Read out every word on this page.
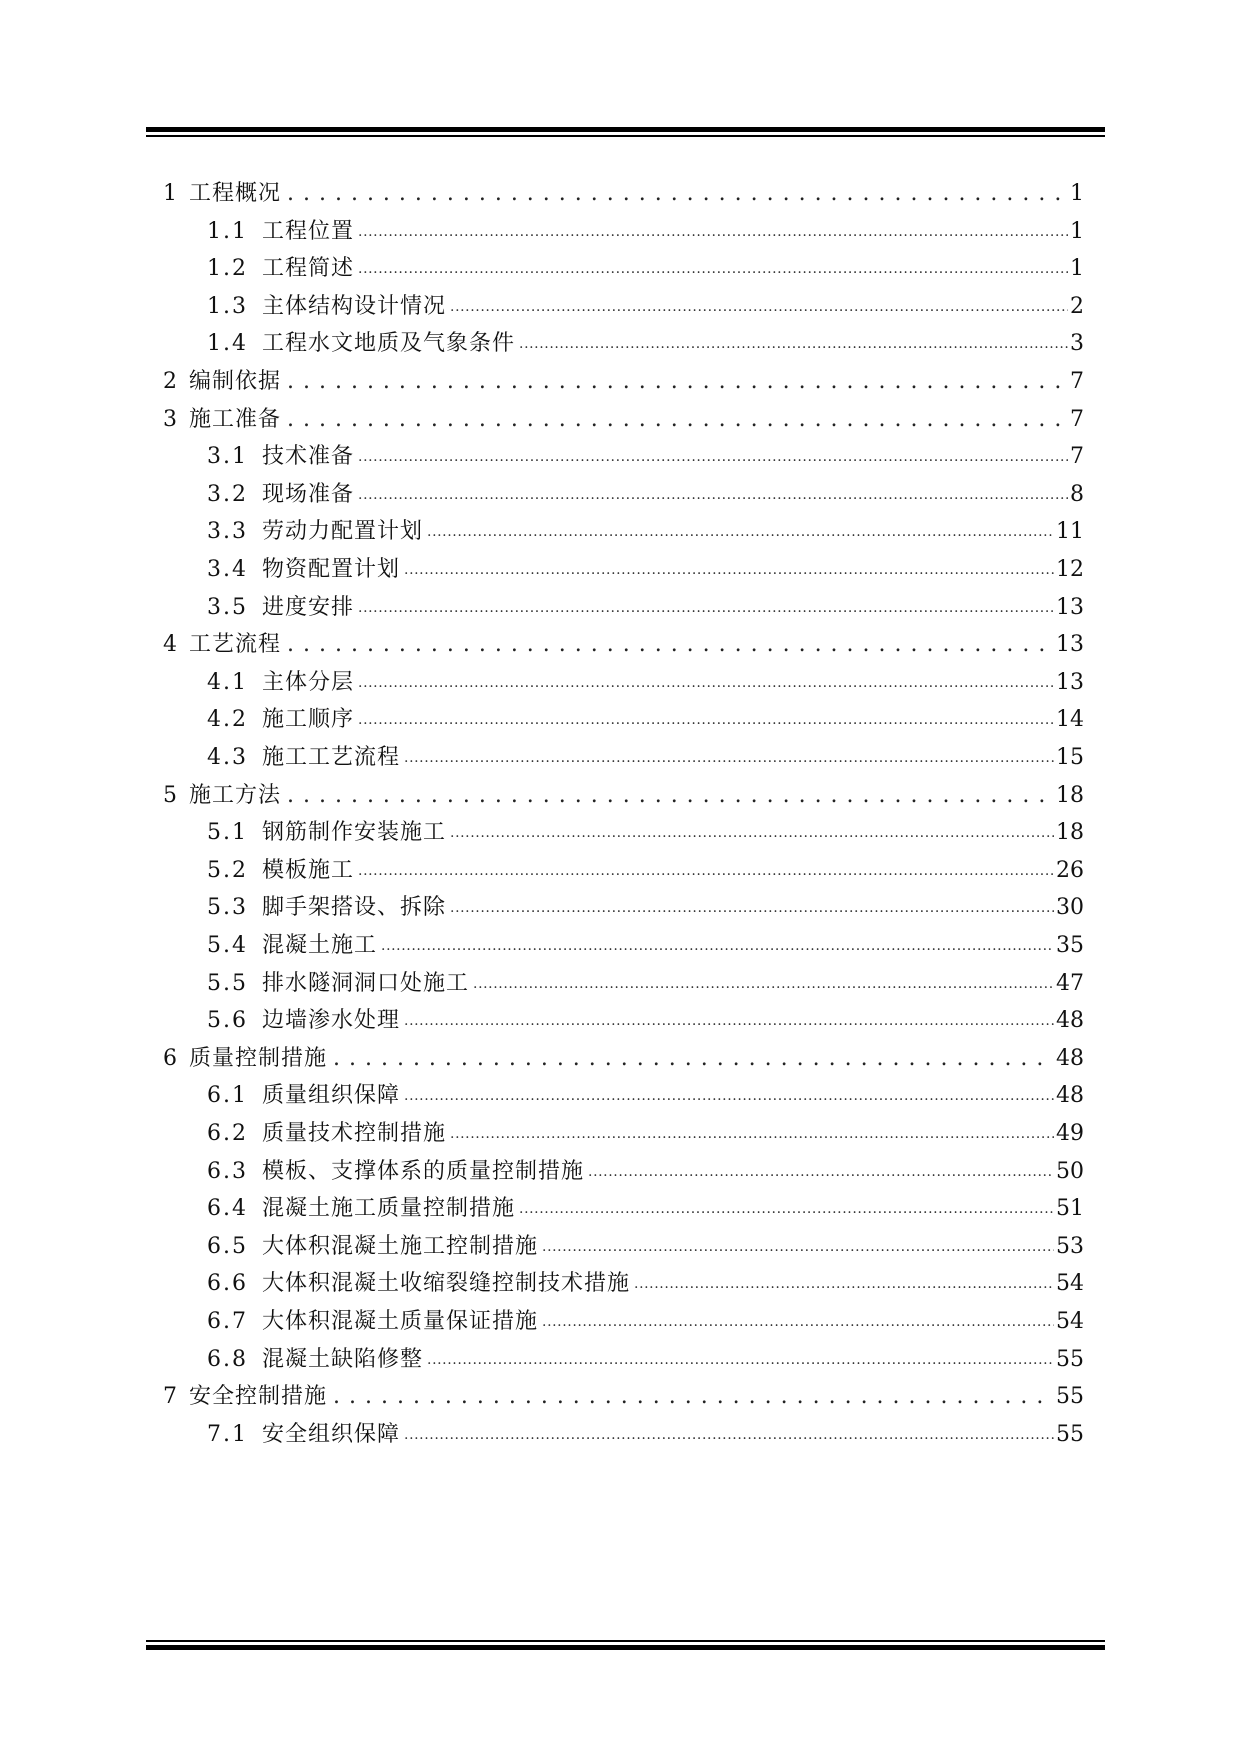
1 工程概况 . . .	1
1.1 工程位置 .....	1
1.2 工程简述 .....	1
1.3 主体结构设计情况 .....	2
1.4 工程水文地质及气象条件 .....	3
2 编制依据 . . .	7
3 施工准备 . . .	7
3.1 技术准备 .....	7
3.2 现场准备 .....	8
3.3 劳动力配置计划 .....	11
3.4 物资配置计划 .....	12
3.5 进度安排 .....	13
4 工艺流程 . . .	13
4.1 主体分层 .....	13
4.2 施工顺序 .....	14
4.3 施工工艺流程 .....	15
5 施工方法 . . .	18
5.1 钢筋制作安装施工 .....	18
5.2 模板施工 .....	26
5.3 脚手架搭设、拆除 .....	30
5.4 混凝土施工 .....	35
5.5 排水隧洞洞口处施工 .....	47
5.6 边墙渗水处理 .....	48
6 质量控制措施 . . .	48
6.1 质量组织保障 .....	48
6.2 质量技术控制措施 .....	49
6.3 模板、支撑体系的质量控制措施 .....	50
6.4 混凝土施工质量控制措施 .....	51
6.5 大体积混凝土施工控制措施 .....	53
6.6 大体积混凝土收缩裂缝控制技术措施 .....	54
6.7 大体积混凝土质量保证措施 .....	54
6.8 混凝土缺陷修整 .....	55
7 安全控制措施 . . .	55
7.1 安全组织保障 .....	55
